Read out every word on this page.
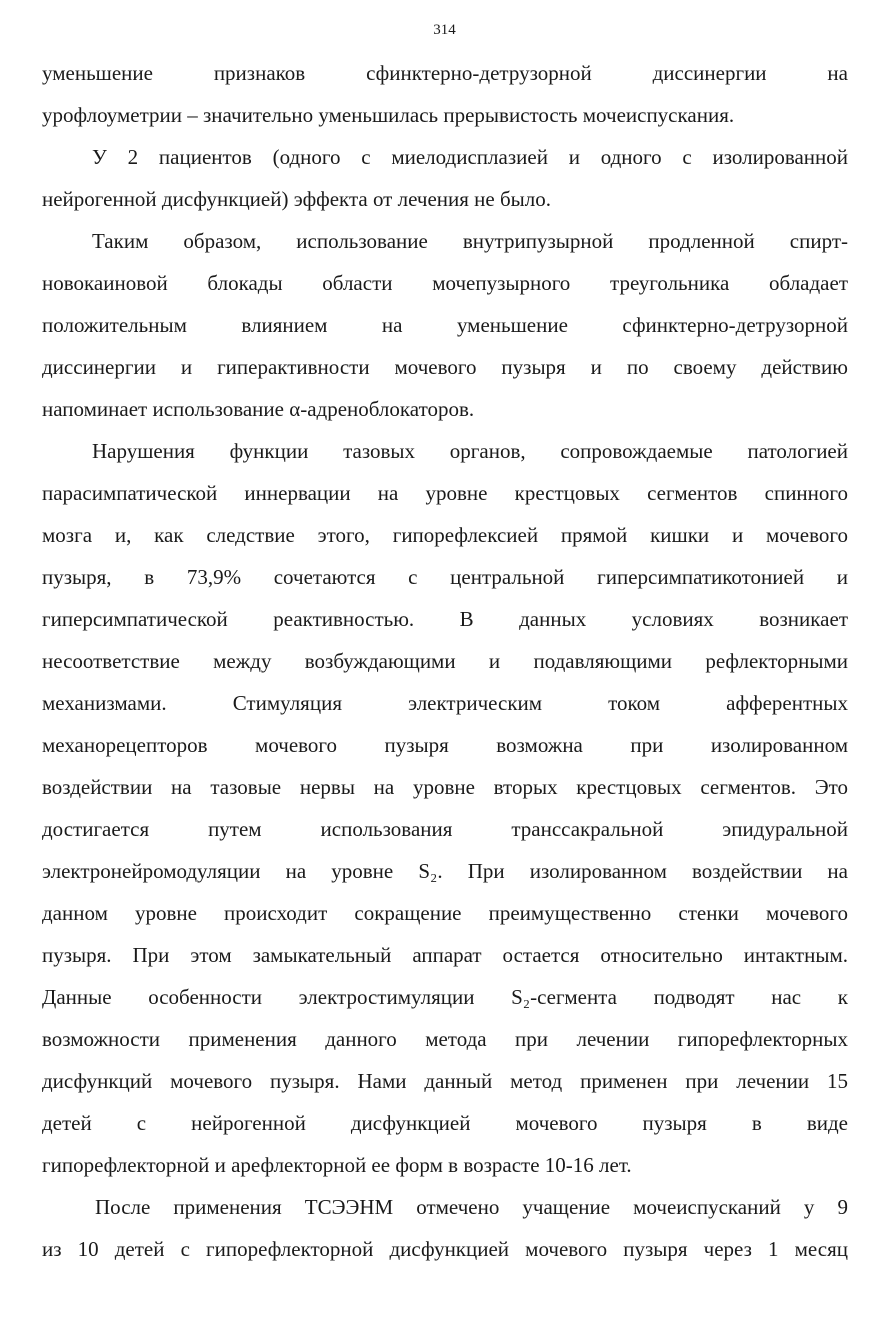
314
уменьшение признаков сфинктерно-детрузорной диссинергии на
урофлоуметрии – значительно уменьшилась прерывистость мочеиспускания.
У 2 пациентов (одного с миелодисплазией и одного с изолированной
нейрогенной дисфункцией) эффекта от лечения не было.
Таким образом, использование внутрипузырной продленной спирт-
новокаиновой блокады области мочепузырного треугольника обладает
положительным влиянием на уменьшение сфинктерно-детрузорной
диссинергии и гиперактивности мочевого пузыря и по своему действию
напоминает использование α-адреноблокаторов.
Нарушения функции тазовых органов, сопровождаемые патологией
парасимпатической иннервации на уровне крестцовых сегментов спинного
мозга и, как следствие этого, гипорефлексией прямой кишки и мочевого
пузыря, в 73,9% сочетаются с центральной гиперсимпатикотонией и
гиперсимпатической реактивностью. В данных условиях возникает
несоответствие между возбуждающими и подавляющими рефлекторными
механизмами. Стимуляция электрическим током афферентных
механорецепторов мочевого пузыря возможна при изолированном
воздействии на тазовые нервы на уровне вторых крестцовых сегментов. Это
достигается путем использования транссакральной эпидуральной
электронейромодуляции на уровне S₂. При изолированном воздействии на
данном уровне происходит сокращение преимущественно стенки мочевого
пузыря. При этом замыкательный аппарат остается относительно интактным.
Данные особенности электростимуляции S₂-сегмента подводят нас к
возможности применения данного метода при лечении гипорефлекторных
дисфункций мочевого пузыря. Нами данный метод применен при лечении 15
детей с нейрогенной дисфункцией мочевого пузыря в виде
гипорефлекторной и арефлекторной ее форм в возрасте 10-16 лет.
После применения ТСЭЭНМ отмечено учащение мочеиспусканий у 9
из 10 детей с гипорефлекторной дисфункцией мочевого пузыря через 1 месяц
